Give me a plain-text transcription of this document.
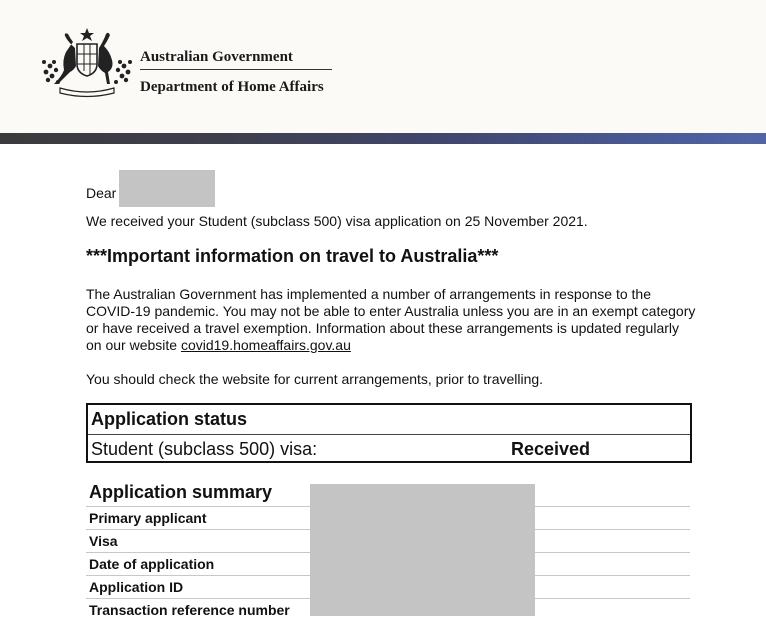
Australian Government
Department of Home Affairs
Dear
We received your Student (subclass 500) visa application on 25 November 2021.
***Important information on travel to Australia***
The Australian Government has implemented a number of arrangements in response to the COVID-19 pandemic. You may not be able to enter Australia unless you are in an exempt category or have received a travel exemption. Information about these arrangements is updated regularly on our website covid19.homeaffairs.gov.au
You should check the website for current arrangements, prior to travelling.
Application status
Student (subclass 500) visa:	Received
Application summary
Primary applicant
Visa
Date of application
Application ID
Transaction reference number
